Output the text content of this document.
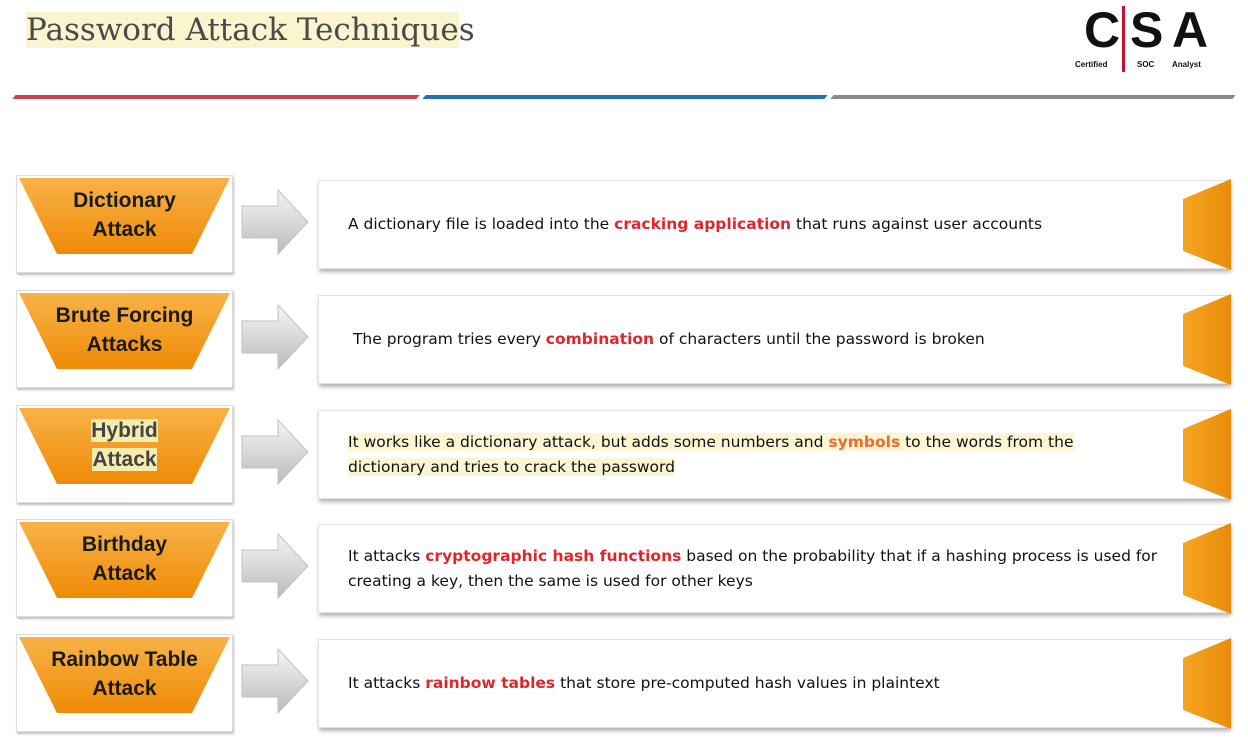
Password Attack Techniques	C S A
Certified	SOC Analyst
Dictionary
Attack	A dictionary file is loaded into the cracking application that runs against user accounts
Brute Forcing
Attacks	The program tries every combination of characters until the password is broken
Hybrid
Attack
It works like a dictionary attack, but adds some numbers and symbols to the words from the dictionary and tries to crack the password
Birthday
Attack
It attacks cryptographic hash functions based on the probability that if a hashing process is used for creating a key, then the same is used for other keys
Rainbow Table
Attack	It attacks rainbow tables that store pre-computed hash values in plaintext
